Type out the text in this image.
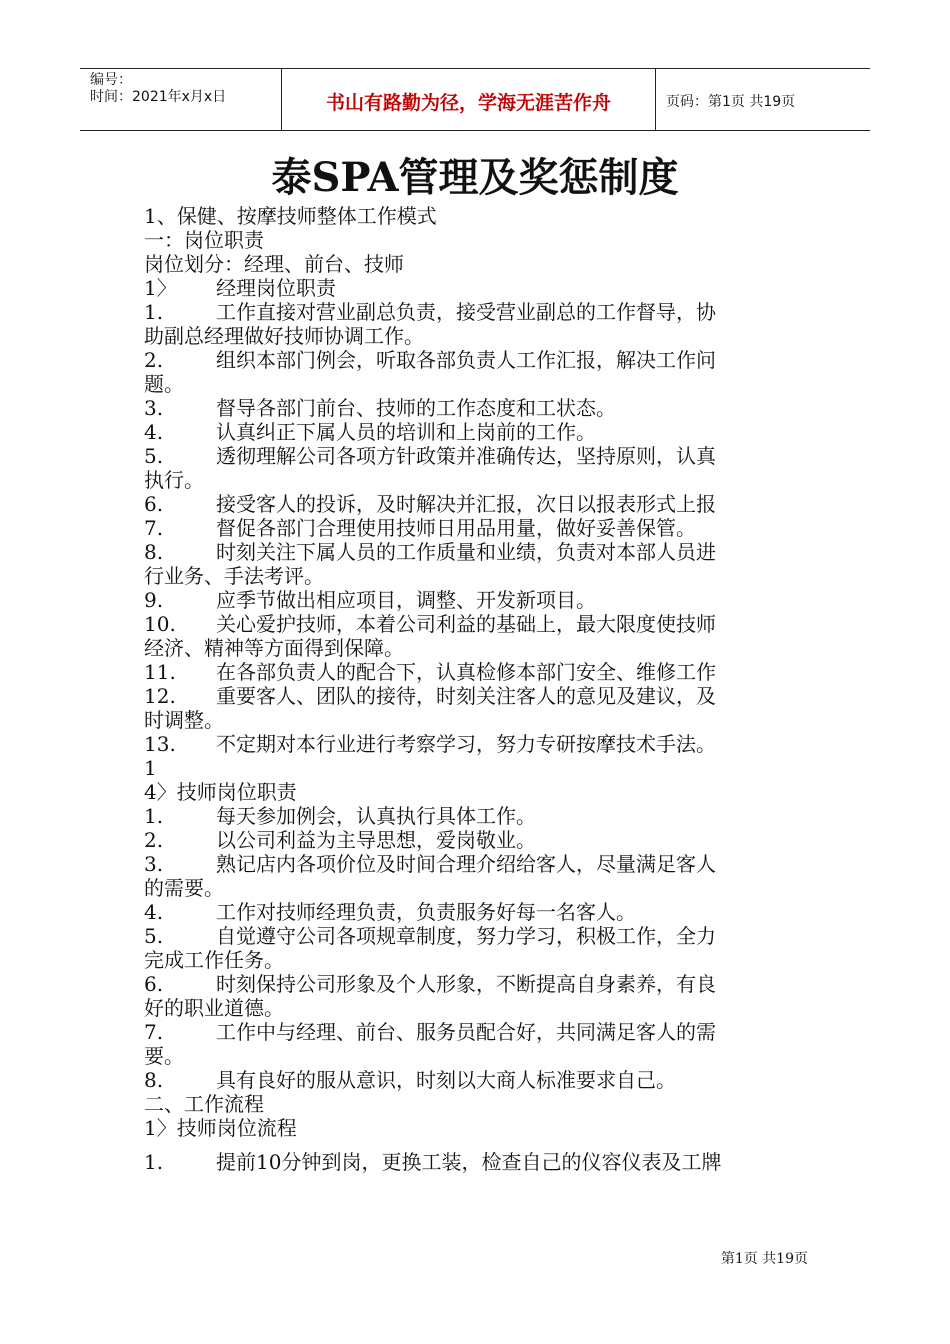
编号：
时间：2021年x月x日	书山有路勤为径，学海无涯苦作舟	页码：第1页 共19页
泰SPA管理及奖惩制度
1、保健、按摩技师整体工作模式
一：岗位职责
岗位划分：经理、前台、技师
1〉	经理岗位职责
1.	工作直接对营业副总负责，接受营业副总的工作督导，协
助副总经理做好技师协调工作。
2.	组织本部门例会，听取各部负责人工作汇报，解决工作问
题。
3.	督导各部门前台、技师的工作态度和工状态。
4.	认真纠正下属人员的培训和上岗前的工作。
5.	透彻理解公司各项方针政策并准确传达，坚持原则，认真
执行。
6.	接受客人的投诉，及时解决并汇报，次日以报表形式上报
7.	督促各部门合理使用技师日用品用量，做好妥善保管。
8.	时刻关注下属人员的工作质量和业绩，负责对本部人员进
行业务、手法考评。
9.	应季节做出相应项目，调整、开发新项目。
10.	关心爱护技师，本着公司利益的基础上，最大限度使技师
经济、精神等方面得到保障。
11.	在各部负责人的配合下，认真检修本部门安全、维修工作
12.	重要客人、团队的接待，时刻关注客人的意见及建议，及
时调整。
13.	不定期对本行业进行考察学习，努力专研按摩技术手法。
1
4〉技师岗位职责
1.	每天参加例会，认真执行具体工作。
2.	以公司利益为主导思想，爱岗敬业。
3.	熟记店内各项价位及时间合理介绍给客人，尽量满足客人
的需要。
4.	工作对技师经理负责，负责服务好每一名客人。
5.	自觉遵守公司各项规章制度，努力学习，积极工作，全力
完成工作任务。
6.	时刻保持公司形象及个人形象，不断提高自身素养，有良
好的职业道德。
7.	工作中与经理、前台、服务员配合好，共同满足客人的需
要。
8.	具有良好的服从意识，时刻以大商人标准要求自己。
二、工作流程
1〉技师岗位流程
1.	提前10分钟到岗，更换工装，检查自己的仪容仪表及工牌
第1页 共19页
